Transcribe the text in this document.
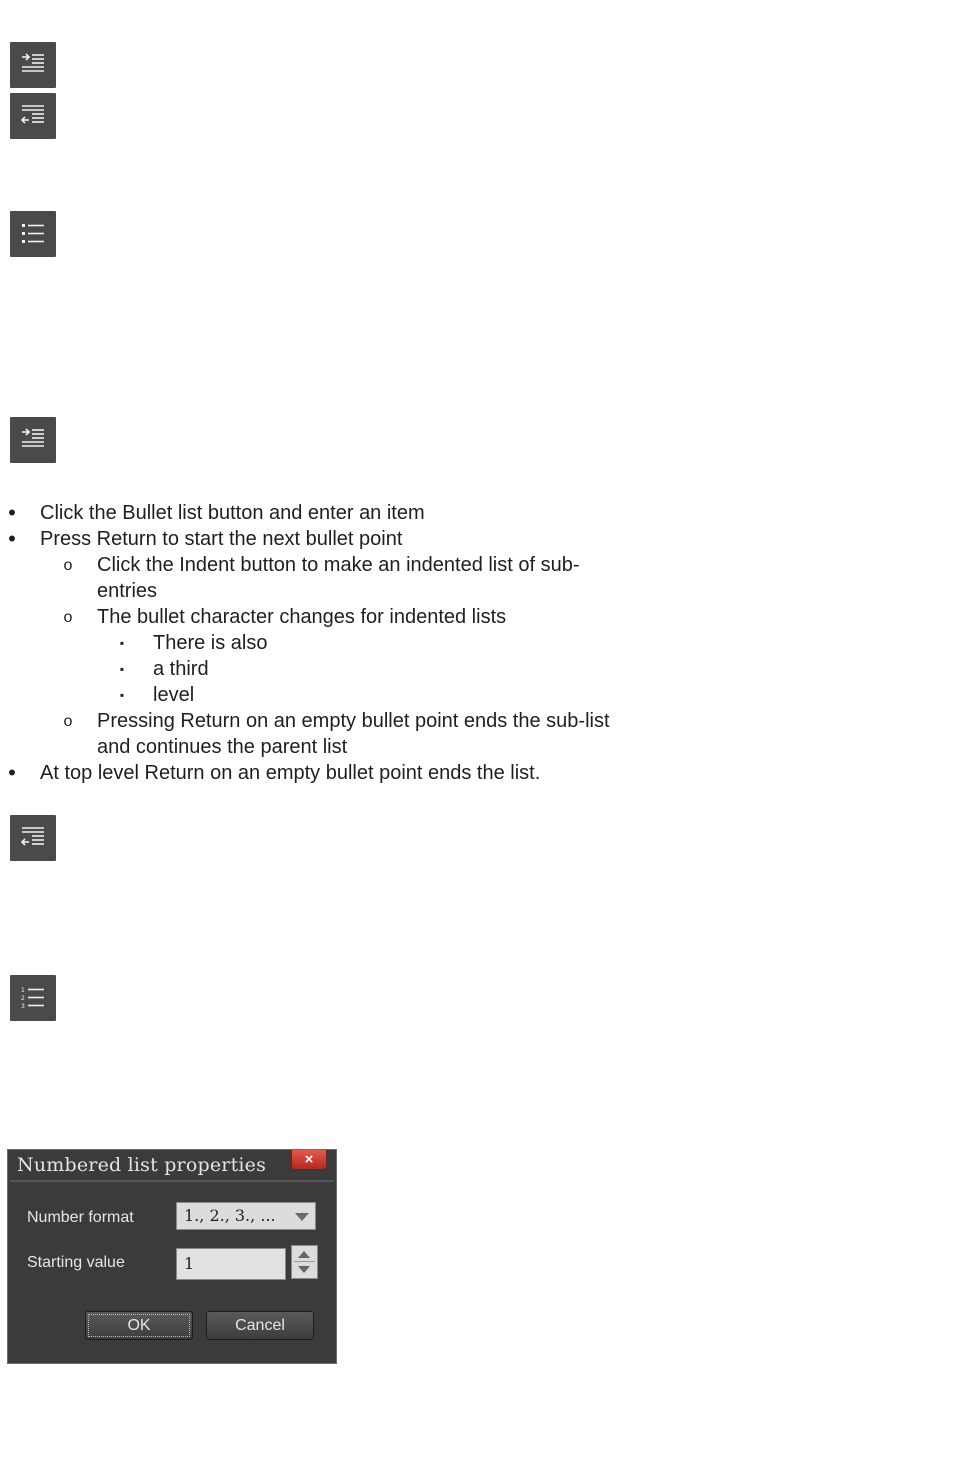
•	Click the Bullet list button and enter an item
•	Press Return to start the next bullet point
o Click the Indent button to make an indented list of sub-entries
o The bullet character changes for indented lists
▪	There is also
▪	a third
▪	level
o Pressing Return on an empty bullet point ends the sub-list and continues the parent list
•	At top level Return on an empty bullet point ends the list.
1
2
3
Numbered list properties	×
Number format	1., 2., 3., ...
Starting value	1
OK	Cancel
